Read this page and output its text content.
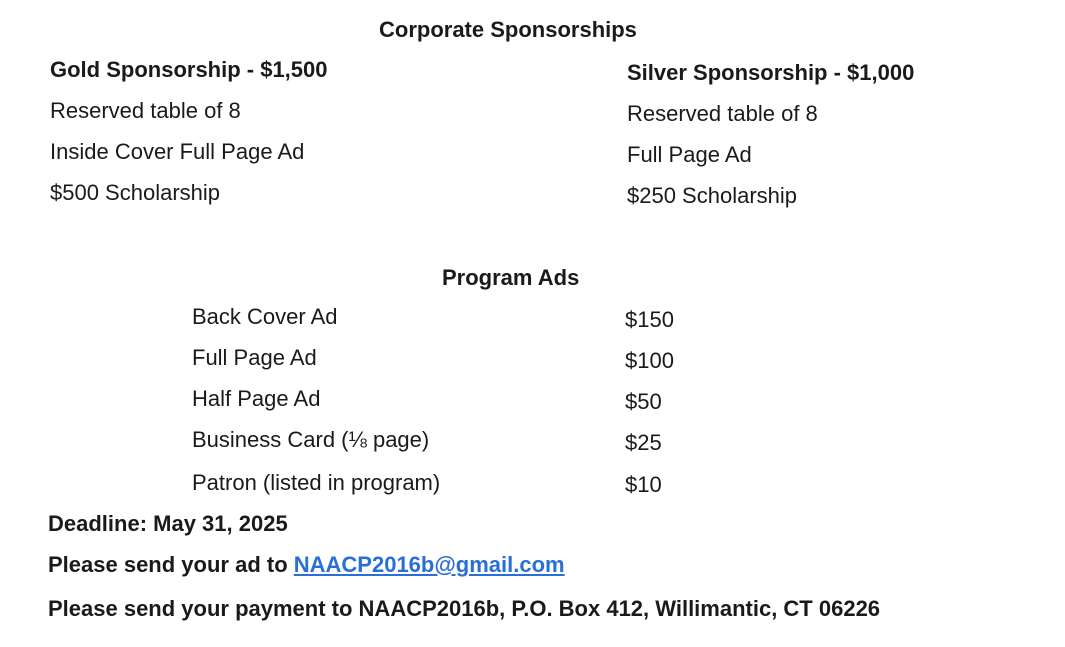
Corporate Sponsorships
Gold Sponsorship - $1,500
Reserved table of 8
Inside Cover Full Page Ad
$500 Scholarship
Silver Sponsorship - $1,000
Reserved table of 8
Full Page Ad
$250 Scholarship
Program Ads
Back Cover Ad	$150
Full Page Ad	$100
Half Page Ad	$50
Business Card (⅛ page)	$25
Patron (listed in program)	$10
Deadline: May 31, 2025
Please send your ad to NAACP2016b@gmail.com
Please send your payment to NAACP2016b, P.O. Box 412, Willimantic, CT 06226
